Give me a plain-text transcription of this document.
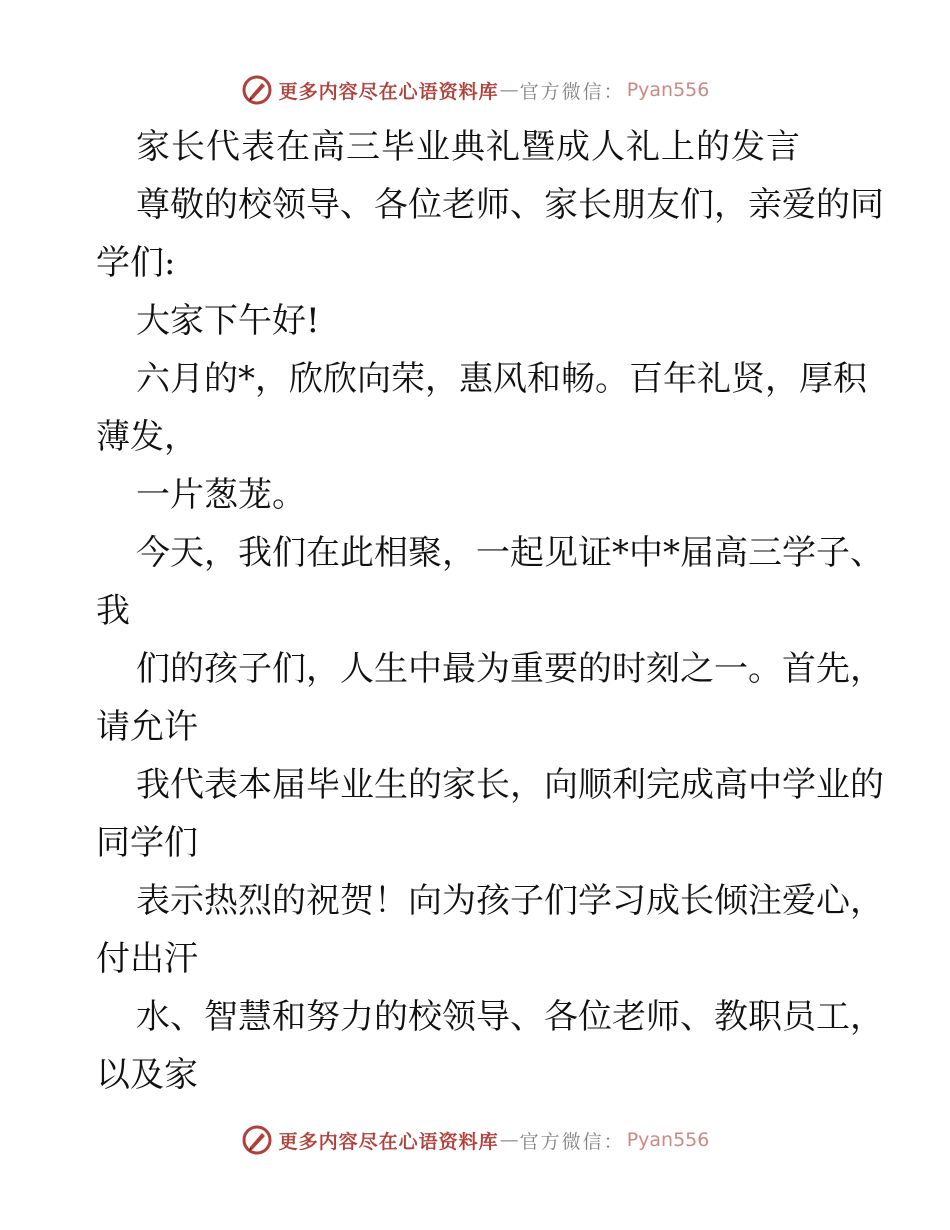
更多内容尽在心语资料库 — 官方微信： Pyan556

家长代表在高三毕业典礼暨成人礼上的发言

尊敬的校领导、各位老师、家长朋友们，亲爱的同学们:

大家下午好!

六月的*，欣欣向荣，惠风和畅。百年礼贤，厚积薄发，

一片葱茏。

今天，我们在此相聚，一起见证*中*届高三学子、我

们的孩子们，人生中最为重要的时刻之一。首先，请允许

我代表本届毕业生的家长，向顺利完成高中学业的同学们

表示热烈的祝贺！向为孩子们学习成长倾注爱心，付出汗

水、智慧和努力的校领导、各位老师、教职员工，以及家

更多内容尽在心语资料库 — 官方微信： Pyan556
